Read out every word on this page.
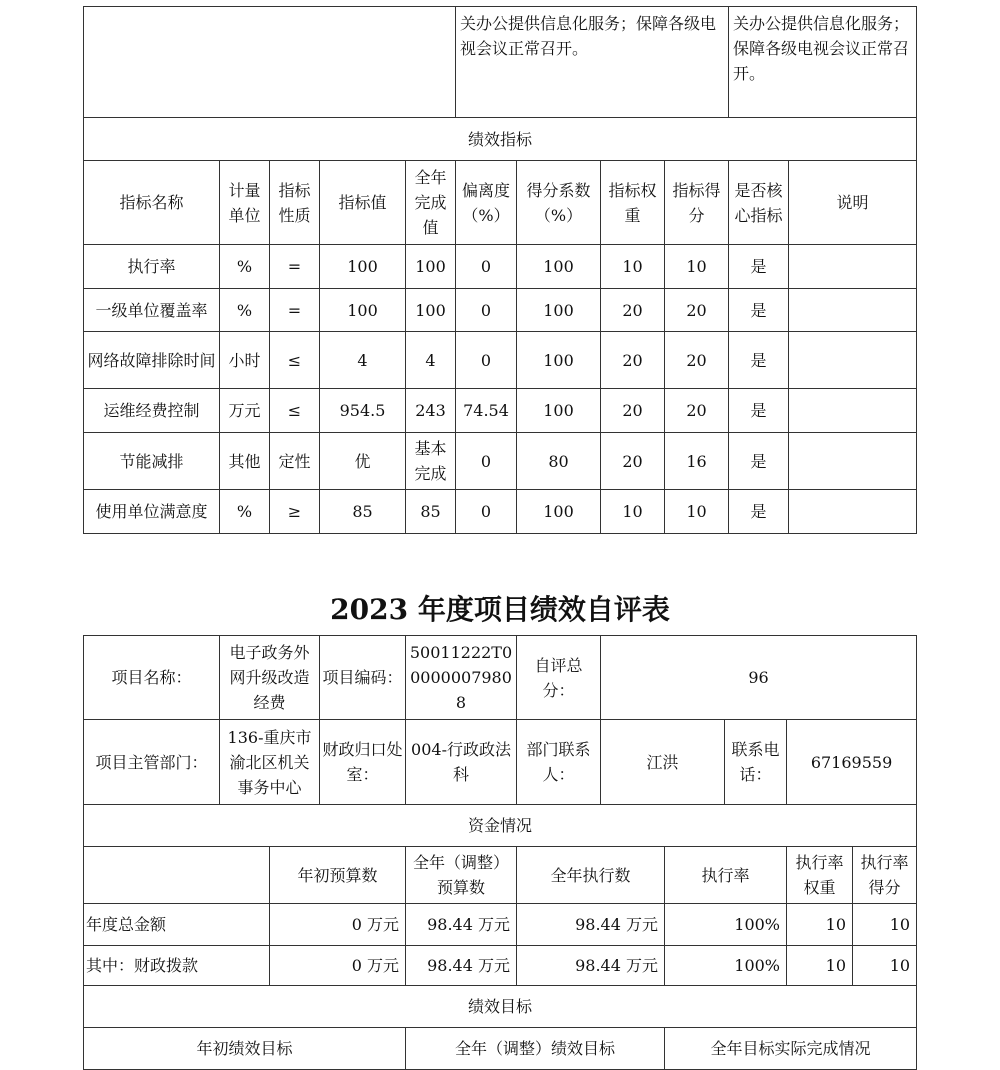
					关办公提供信息化服务；保障各级电视会议正常召开。				关办公提供信息化服务；保障各级电视会议正常召开。	
绩效指标										
指标名称	计量单位	指标性质	指标值	全年完成值	偏离度（%）	得分系数（%）	指标权重	指标得分	是否核心指标	说明
执行率	%	=	100	100	0	100	10	10	是	
一级单位覆盖率	%	=	100	100	0	100	20	20	是	
网络故障排除时间	小时	≤	4	4	0	100	20	20	是	
运维经费控制	万元	≤	954.5	243	74.54	100	20	20	是	
节能减排	其他	定性	优	基本完成	0	80	20	16	是	
使用单位满意度	%	≥	85	85	0	100	10	10	是	
2023 年度项目绩效自评表
项目名称：	电子政务外网升级改造经费		项目编码：	50011222T000000079808	自评总分：	96				
项目主管部门：	136-重庆市渝北区机关事务中心		财政归口处室：	004-行政政法科	部门联系人：	江洪		联系电话：	67169559	
资金情况										
		年初预算数		全年（调整）预算数	全年执行数		执行率		执行率权重	执行率得分
年度总金额		0 万元		98.44 万元	98.44 万元		100%		10	10
其中：财政拨款		0 万元		98.44 万元	98.44 万元		100%		10	10
绩效目标										
年初绩效目标				全年（调整）绩效目标			全年目标实际完成情况			
